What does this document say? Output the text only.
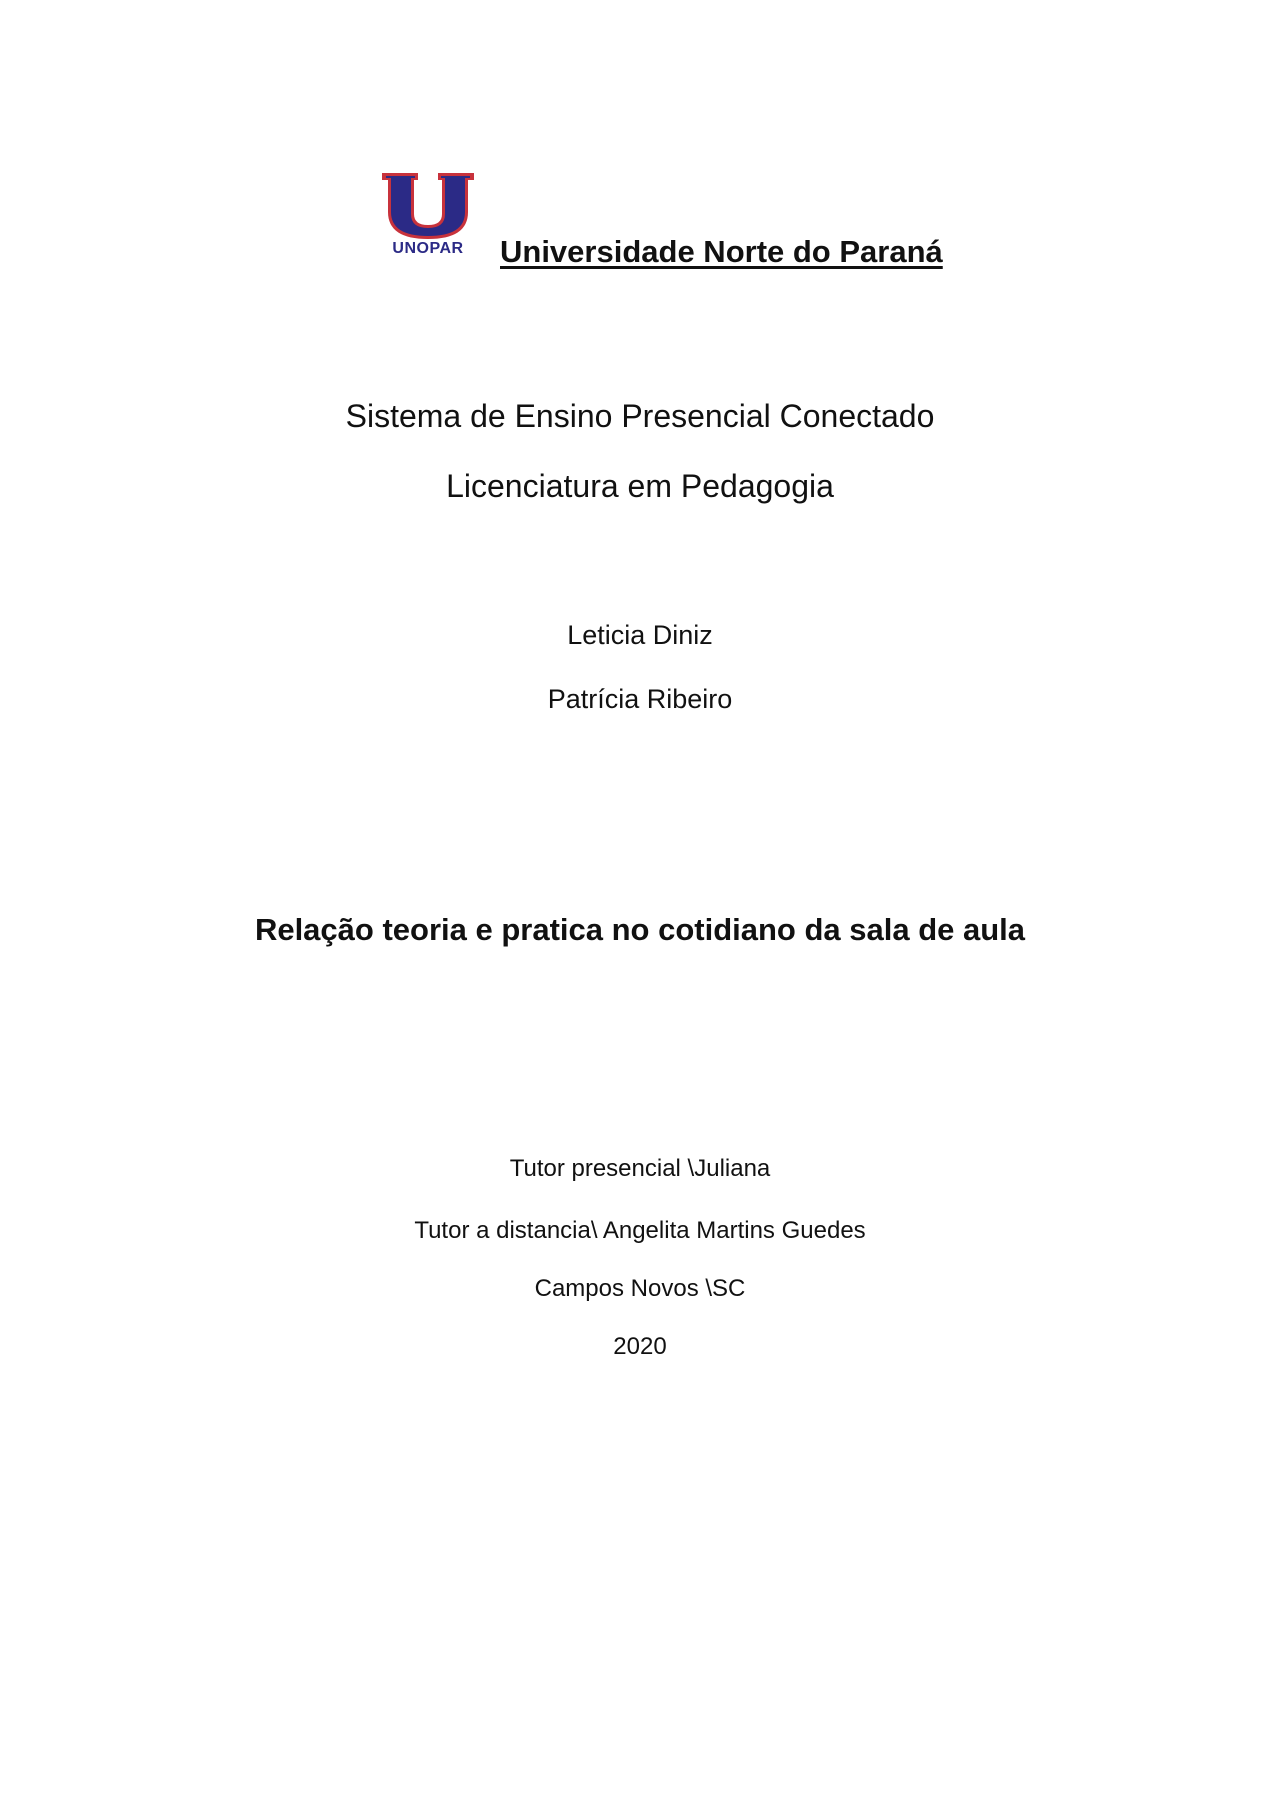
UNOPAR	Universidade Norte do Paraná
Sistema de Ensino Presencial Conectado
Licenciatura em Pedagogia
Leticia Diniz
Patrícia Ribeiro
Relação teoria e pratica no cotidiano da sala de aula
Tutor presencial \Juliana
Tutor a distancia\ Angelita Martins Guedes
Campos Novos \SC
2020
